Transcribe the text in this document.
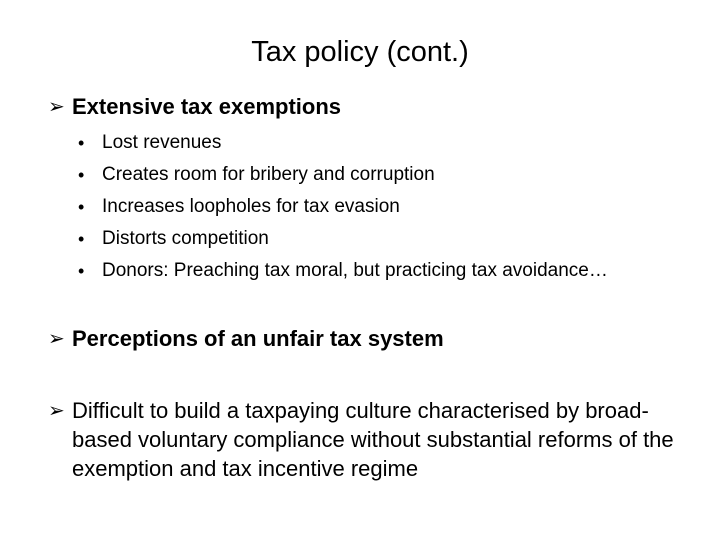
Tax policy (cont.)
➢ Extensive tax exemptions
• Lost revenues
• Creates room for bribery and corruption
• Increases loopholes for tax evasion
• Distorts competition
• Donors: Preaching tax moral, but practicing tax avoidance…
➢ Perceptions of an unfair tax system
➢ Difficult to build a taxpaying culture characterised by broad-based voluntary compliance without substantial reforms of the exemption and tax incentive regime
